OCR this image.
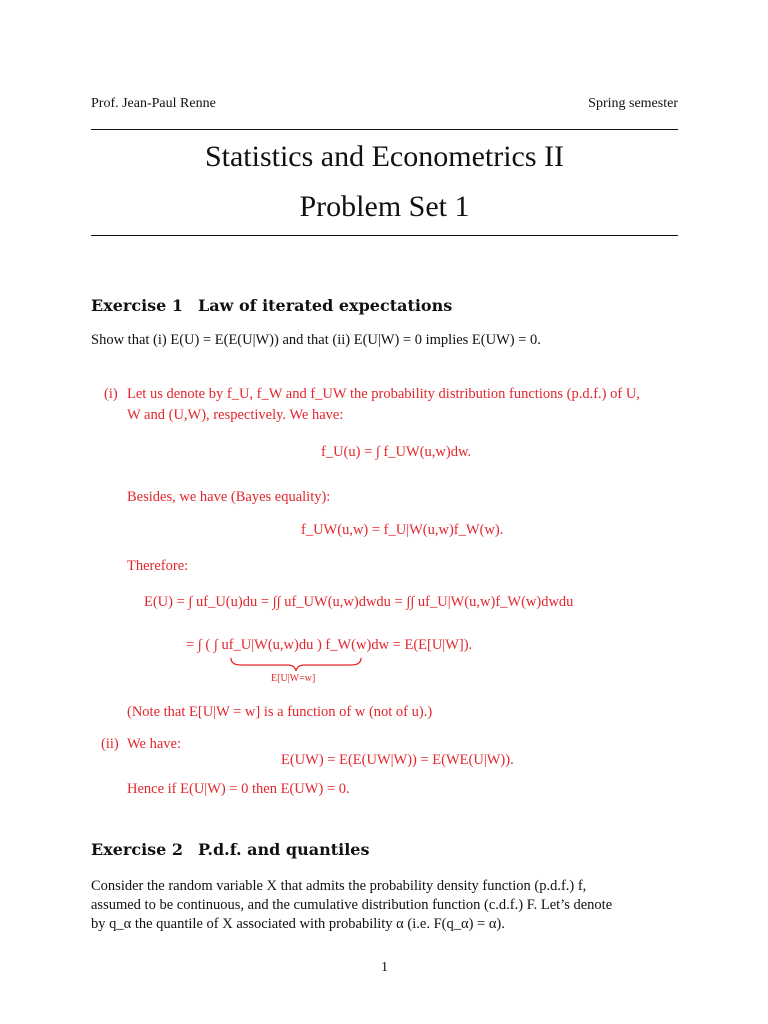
Prof. Jean-Paul Renne	Spring semester
Statistics and Econometrics II
Problem Set 1
Exercise 1 Law of iterated expectations
Show that (i) E(U) = E(E(U|W)) and that (ii) E(U|W) = 0 implies E(UW) = 0.
(i) Let us denote by f_U, f_W and f_UW the probability distribution functions (p.d.f.) of U,
W and (U,W), respectively. We have:
f_U(u) = ∫ f_UW(u,w)dw.
Besides, we have (Bayes equality):
f_UW(u,w) = f_U|W(u,w)f_W(w).
Therefore:
E(U) = ∫ uf_U(u)du = ∫∫ uf_UW(u,w)dwdu = ∫∫ uf_U|W(u,w)f_W(w)dwdu
= ∫ ( ∫ uf_U|W(u,w)du ) f_W(w)dw = E(E[U|W]).
E[U|W=w]
(Note that E[U|W = w] is a function of w (not of u).)
(ii) We have:
E(UW) = E(E(UW|W)) = E(WE(U|W)).
Hence if E(U|W) = 0 then E(UW) = 0.
Exercise 2 P.d.f. and quantiles
Consider the random variable X that admits the probability density function (p.d.f.) f,
assumed to be continuous, and the cumulative distribution function (c.d.f.) F. Let’s denote
by q_α the quantile of X associated with probability α (i.e. F(q_α) = α).
1
